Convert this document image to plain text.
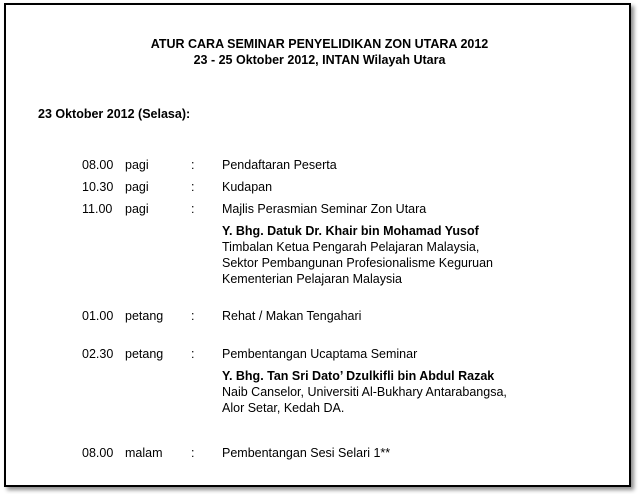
ATUR CARA SEMINAR PENYELIDIKAN ZON UTARA 2012
23 - 25 Oktober 2012, INTAN Wilayah Utara
23 Oktober 2012 (Selasa):
08.00 pagi	: Pendaftaran Peserta
10.30 pagi	: Kudapan
11.00 pagi	: Majlis Perasmian Seminar Zon Utara
Y. Bhg. Datuk Dr. Khair bin Mohamad Yusof
Timbalan Ketua Pengarah Pelajaran Malaysia,
Sektor Pembangunan Profesionalisme Keguruan
Kementerian Pelajaran Malaysia
01.00 petang : Rehat / Makan Tengahari
02.30 petang : Pembentangan Ucaptama Seminar
Y. Bhg. Tan Sri Dato’ Dzulkifli bin Abdul Razak
Naib Canselor, Universiti Al-Bukhary Antarabangsa,
Alor Setar, Kedah DA.
08.00 malam : Pembentangan Sesi Selari 1**
